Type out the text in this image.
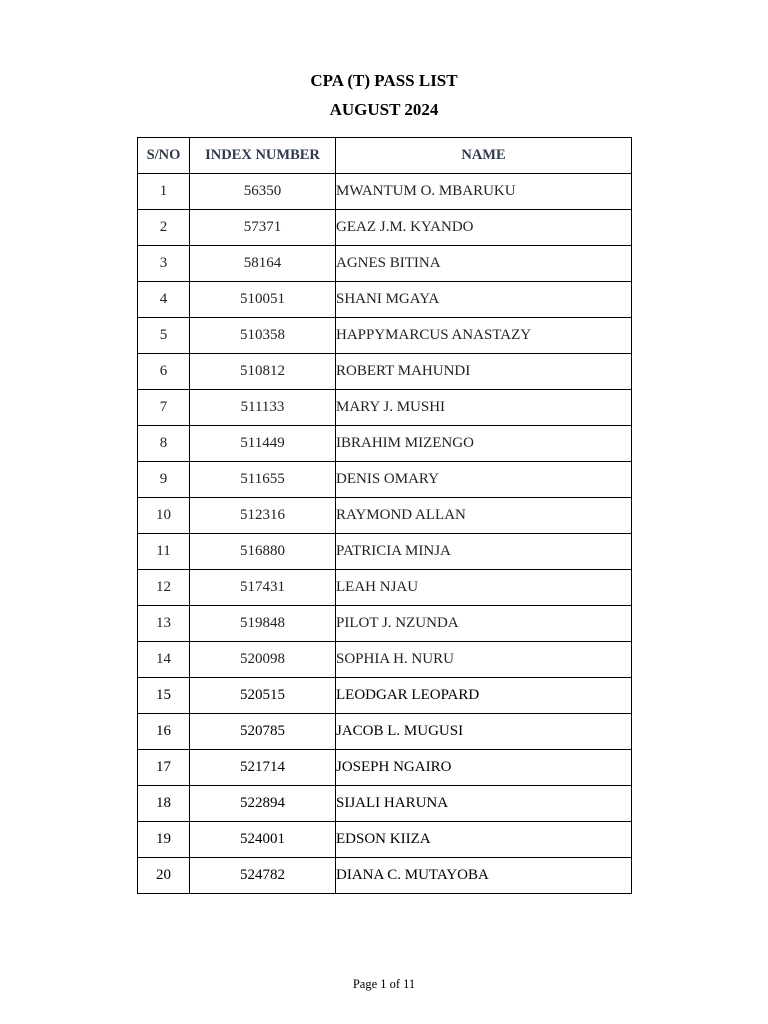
CPA (T) PASS LIST
AUGUST 2024
S/NO	INDEX NUMBER	NAME
1	56350	MWANTUM O. MBARUKU
2	57371	GEAZ J.M. KYANDO
3	58164	AGNES BITINA
4	510051	SHANI MGAYA
5	510358	HAPPYMARCUS ANASTAZY
6	510812	ROBERT MAHUNDI
7	511133	MARY J. MUSHI
8	511449	IBRAHIM MIZENGO
9	511655	DENIS OMARY
10	512316	RAYMOND ALLAN
11	516880	PATRICIA MINJA
12	517431	LEAH NJAU
13	519848	PILOT J. NZUNDA
14	520098	SOPHIA H. NURU
15	520515	LEODGAR LEOPARD
16	520785	JACOB L. MUGUSI
17	521714	JOSEPH NGAIRO
18	522894	SIJALI HARUNA
19	524001	EDSON KIIZA
20	524782	DIANA C. MUTAYOBA
Page 1 of 11
